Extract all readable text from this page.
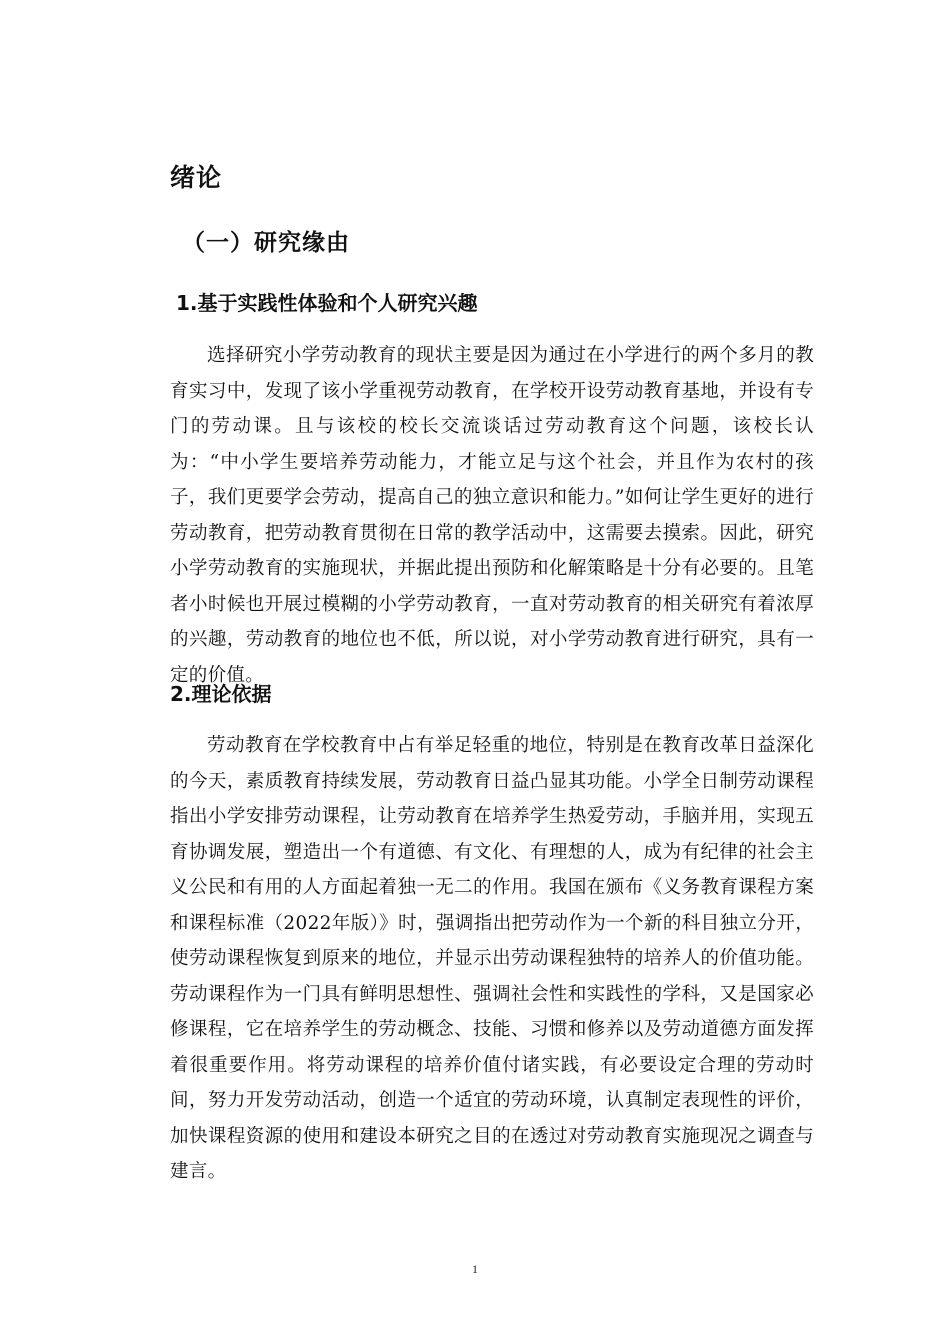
绪论
（一）研究缘由
1.基于实践性体验和个人研究兴趣

选择研究小学劳动教育的现状主要是因为通过在小学进行的两个多月的教育实习中，发现了该小学重视劳动教育，在学校开设劳动教育基地，并设有专门的劳动课。且与该校的校长交流谈话过劳动教育这个问题，该校长认为：“中小学生要培养劳动能力，才能立足与这个社会，并且作为农村的孩子，我们更要学会劳动，提高自己的独立意识和能力。”如何让学生更好的进行劳动教育，把劳动教育贯彻在日常的教学活动中，这需要去摸索。因此，研究小学劳动教育的实施现状，并据此提出预防和化解策略是十分有必要的。且笔者小时候也开展过模糊的小学劳动教育，一直对劳动教育的相关研究有着浓厚的兴趣，劳动教育的地位也不低，所以说，对小学劳动教育进行研究，具有一定的价值。

2.理论依据

劳动教育在学校教育中占有举足轻重的地位，特别是在教育改革日益深化的今天，素质教育持续发展，劳动教育日益凸显其功能。小学全日制劳动课程指出小学安排劳动课程，让劳动教育在培养学生热爱劳动，手脑并用，实现五育协调发展，塑造出一个有道德、有文化、有理想的人，成为有纪律的社会主义公民和有用的人方面起着独一无二的作用。我国在颁布《义务教育课程方案和课程标准（2022年版）》时，强调指出把劳动作为一个新的科目独立分开，使劳动课程恢复到原来的地位，并显示出劳动课程独特的培养人的价值功能。劳动课程作为一门具有鲜明思想性、强调社会性和实践性的学科，又是国家必修课程，它在培养学生的劳动概念、技能、习惯和修养以及劳动道德方面发挥着很重要作用。将劳动课程的培养价值付诸实践，有必要设定合理的劳动时间，努力开发劳动活动，创造一个适宜的劳动环境，认真制定表现性的评价，加快课程资源的使用和建设本研究之目的在透过对劳动教育实施现况之调查与建言。

1
